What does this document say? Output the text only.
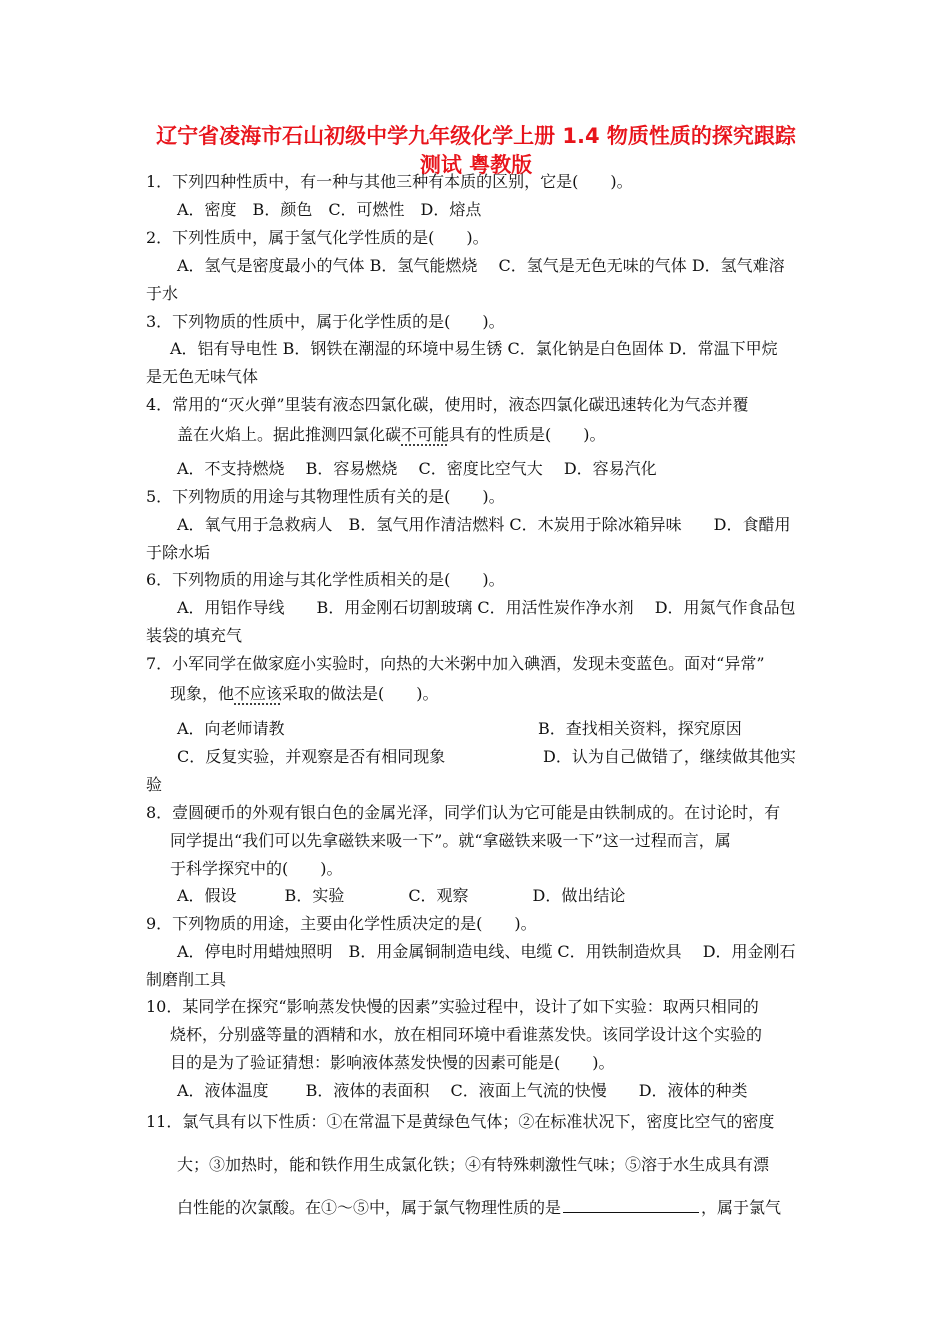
辽宁省凌海市石山初级中学九年级化学上册 1.4 物质性质的探究跟踪测试 粤教版
1．下列四种性质中，有一种与其他三种有本质的区别，它是(　　)。
A．密度　B．颜色　C．可燃性　D．熔点
2．下列性质中，属于氢气化学性质的是(　　)。
A．氢气是密度最小的气体 B．氢气能燃烧　 C．氢气是无色无味的气体 D．氢气难溶
于水
3．下列物质的性质中，属于化学性质的是(　　)。
A．铝有导电性 B．钢铁在潮湿的环境中易生锈 C．氯化钠是白色固体 D．常温下甲烷
是无色无味气体
4．常用的“灭火弹”里装有液态四氯化碳，使用时，液态四氯化碳迅速转化为气态并覆
盖在火焰上。据此推测四氯化碳不可能具有的性质是(　　)。
A．不支持燃烧　 B．容易燃烧　 C．密度比空气大　 D．容易汽化
5．下列物质的用途与其物理性质有关的是(　　)。
A．氧气用于急救病人　B．氢气用作清洁燃料 C．木炭用于除冰箱异味　　D．食醋用
于除水垢
6．下列物质的用途与其化学性质相关的是(　　)。
A．用铝作导线　　B．用金刚石切割玻璃 C．用活性炭作净水剂　 D．用氮气作食品包
装袋的填充气
7．小军同学在做家庭小实验时，向热的大米粥中加入碘酒，发现未变蓝色。面对“异常”
现象，他不应该采取的做法是(　　)。
A．向老师请教	B．查找相关资料，探究原因
C．反复实验，并观察是否有相同现象	D．认为自己做错了，继续做其他实
验
8．壹圆硬币的外观有银白色的金属光泽，同学们认为它可能是由铁制成的。在讨论时，有
同学提出“我们可以先拿磁铁来吸一下”。就“拿磁铁来吸一下”这一过程而言，属
于科学探究中的(　　)。
A．假设　　　B．实验　　　　C．观察　　　　D．做出结论
9．下列物质的用途，主要由化学性质决定的是(　　)。
A．停电时用蜡烛照明　B．用金属铜制造电线、电缆 C．用铁制造炊具　 D．用金刚石
制磨削工具
10．某同学在探究“影响蒸发快慢的因素”实验过程中，设计了如下实验：取两只相同的
烧杯，分别盛等量的酒精和水，放在相同环境中看谁蒸发快。该同学设计这个实验的
目的是为了验证猜想：影响液体蒸发快慢的因素可能是(　　)。
A．液体温度　　 B．液体的表面积　 C．液面上气流的快慢　　D．液体的种类
11．氯气具有以下性质：①在常温下是黄绿色气体；②在标准状况下，密度比空气的密度
大；③加热时，能和铁作用生成氯化铁；④有特殊刺激性气味；⑤溶于水生成具有漂
白性能的次氯酸。在①～⑤中，属于氯气物理性质的是	，属于氯气
